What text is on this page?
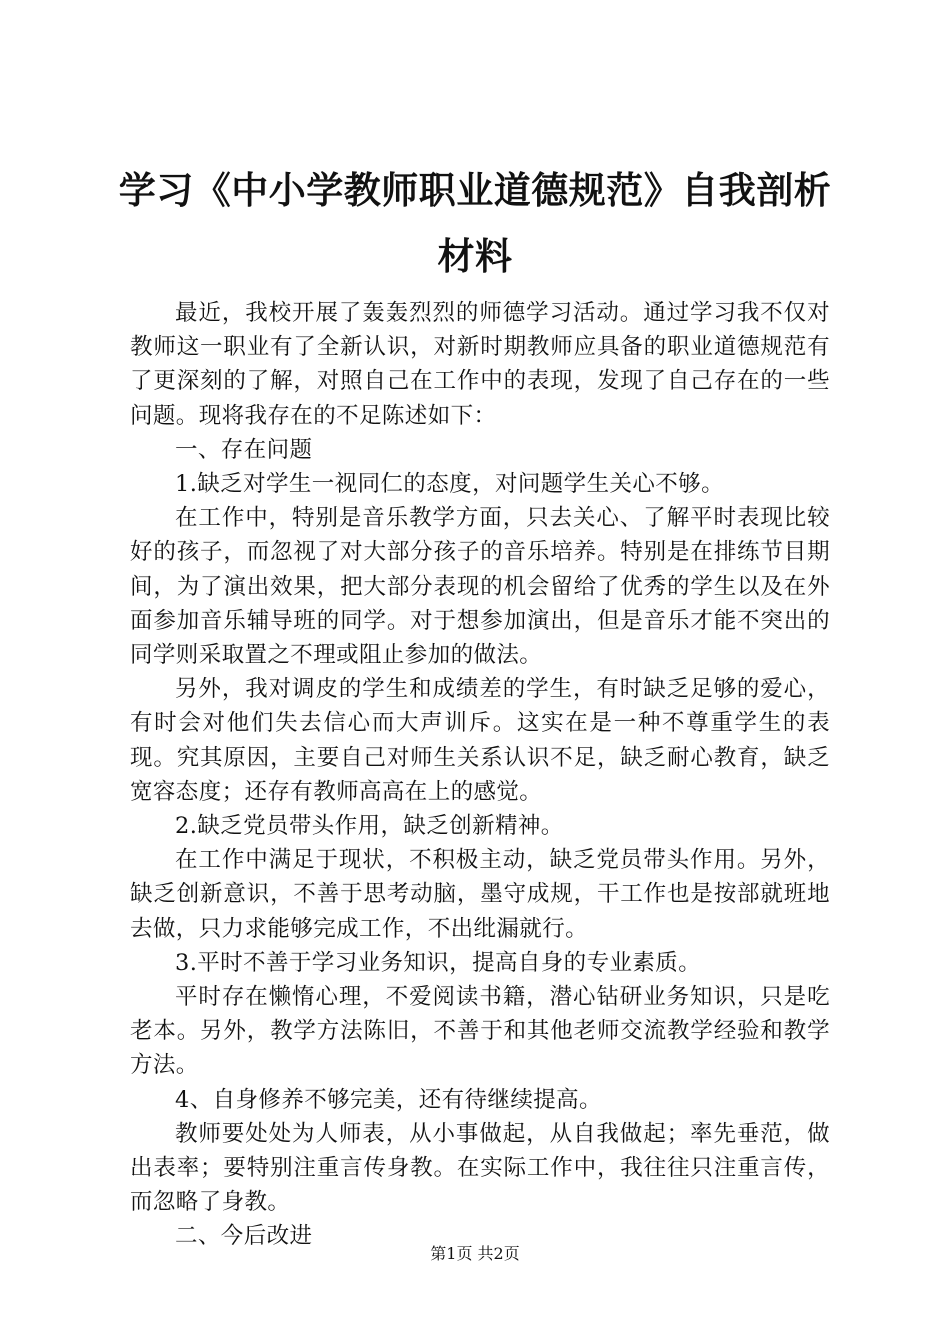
学习《中小学教师职业道德规范》自我剖析材料

最近，我校开展了轰轰烈烈的师德学习活动。通过学习我不仅对教师这一职业有了全新认识，对新时期教师应具备的职业道德规范有了更深刻的了解，对照自己在工作中的表现，发现了自己存在的一些问题。现将我存在的不足陈述如下：

一、存在问题

1.缺乏对学生一视同仁的态度，对问题学生关心不够。

在工作中，特别是音乐教学方面，只去关心、了解平时表现比较好的孩子，而忽视了对大部分孩子的音乐培养。特别是在排练节目期间，为了演出效果，把大部分表现的机会留给了优秀的学生以及在外面参加音乐辅导班的同学。对于想参加演出，但是音乐才能不突出的同学则采取置之不理或阻止参加的做法。

另外，我对调皮的学生和成绩差的学生，有时缺乏足够的爱心，有时会对他们失去信心而大声训斥。这实在是一种不尊重学生的表现。究其原因，主要自己对师生关系认识不足，缺乏耐心教育，缺乏宽容态度；还存有教师高高在上的感觉。

2.缺乏党员带头作用，缺乏创新精神。

在工作中满足于现状，不积极主动，缺乏党员带头作用。另外，缺乏创新意识，不善于思考动脑，墨守成规，干工作也是按部就班地去做，只力求能够完成工作，不出纰漏就行。

3.平时不善于学习业务知识，提高自身的专业素质。

平时存在懒惰心理，不爱阅读书籍，潜心钻研业务知识，只是吃老本。另外，教学方法陈旧，不善于和其他老师交流教学经验和教学方法。

4、自身修养不够完美，还有待继续提高。

教师要处处为人师表，从小事做起，从自我做起；率先垂范，做出表率；要特别注重言传身教。在实际工作中，我往往只注重言传，而忽略了身教。

二、今后改进

第1页 共2页
